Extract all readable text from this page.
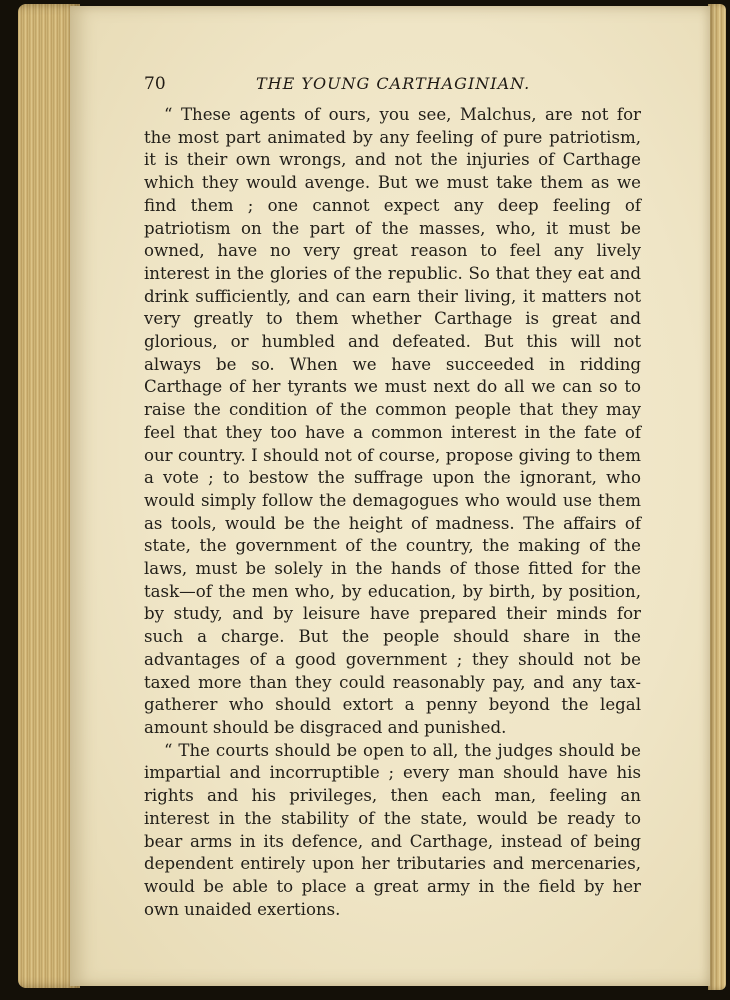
70	THE YOUNG CARTHAGINIAN.

“ These agents of ours, you see, Malchus, are not for the most part animated by any feeling of pure patriotism, it is their own wrongs, and not the injuries of Carthage which they would avenge. But we must take them as we find them ; one cannot expect any deep feeling of patriotism on the part of the masses, who, it must be owned, have no very great reason to feel any lively interest in the glories of the republic. So that they eat and drink sufficiently, and can earn their living, it matters not very greatly to them whether Carthage is great and glorious, or humbled and defeated. But this will not always be so. When we have succeeded in ridding Carthage of her tyrants we must next do all we can so to raise the condition of the common people that they may feel that they too have a common interest in the fate of our country. I should not of course, propose giving to them a vote ; to bestow the suffrage upon the ignorant, who would simply follow the demagogues who would use them as tools, would be the height of madness. The affairs of state, the government of the country, the making of the laws, must be solely in the hands of those fitted for the task—of the men who, by education, by birth, by position, by study, and by leisure have prepared their minds for such a charge. But the people should share in the advantages of a good government ; they should not be taxed more than they could reasonably pay, and any tax-gatherer who should extort a penny beyond the legal amount should be disgraced and punished.

“ The courts should be open to all, the judges should be impartial and incorruptible ; every man should have his rights and his privileges, then each man, feeling an interest in the stability of the state, would be ready to bear arms in its defence, and Carthage, instead of being dependent entirely upon her tributaries and mercenaries, would be able to place a great army in the field by her own unaided exertions.
